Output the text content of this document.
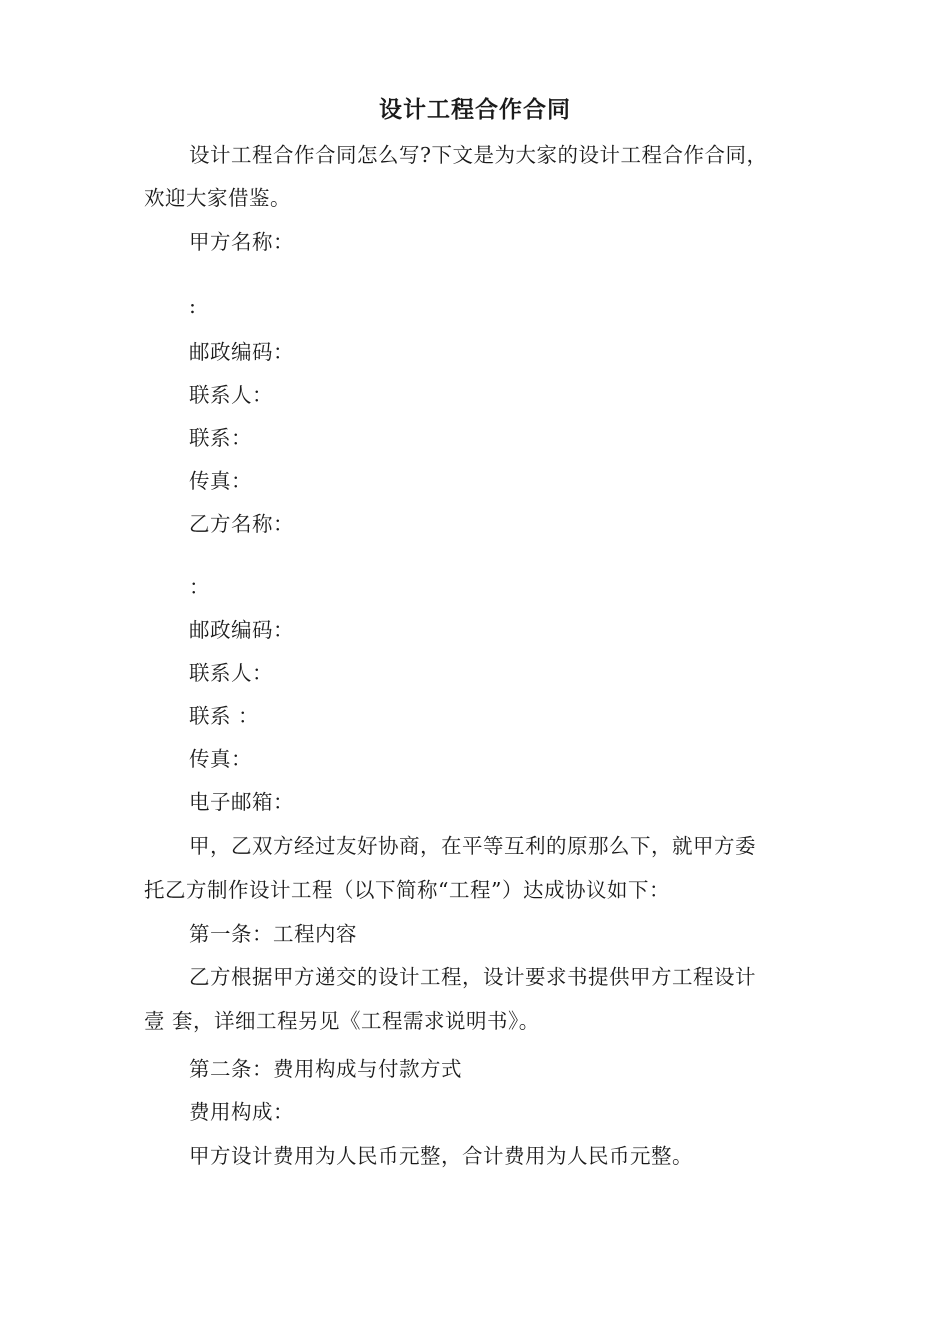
设计工程合作合同
设计工程合作合同怎么写?下文是为大家的设计工程合作合同，
欢迎大家借鉴。
甲方名称：
:
邮政编码：
联系人：
联系：
传真：
乙方名称：
：
邮政编码：
联系人：
联系 ：
传真：
电子邮箱：
甲，乙双方经过友好协商，在平等互利的原那么下，就甲方委
托乙方制作设计工程（以下简称“工程”）达成协议如下：
第一条：工程内容
乙方根据甲方递交的设计工程，设计要求书提供甲方工程设计
壹 套，详细工程另见《工程需求说明书》。
第二条：费用构成与付款方式
费用构成：
甲方设计费用为人民币元整，合计费用为人民币元整。
